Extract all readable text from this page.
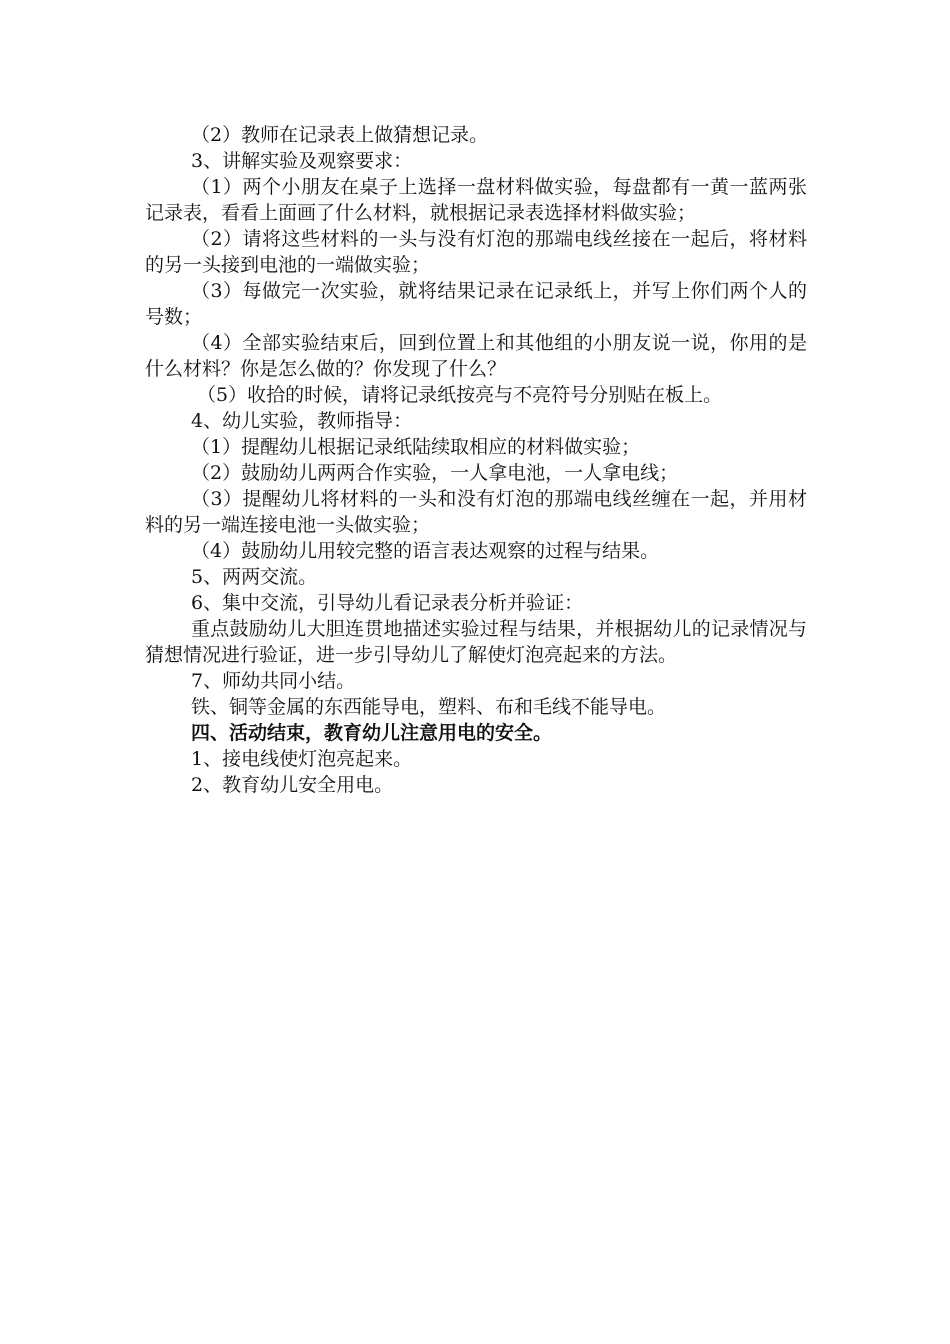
（2）教师在记录表上做猜想记录。

3、讲解实验及观察要求：

（1）两个小朋友在桌子上选择一盘材料做实验，每盘都有一黄一蓝两张记录表，看看上面画了什么材料，就根据记录表选择材料做实验；

（2）请将这些材料的一头与没有灯泡的那端电线丝接在一起后，将材料的另一头接到电池的一端做实验；

（3）每做完一次实验，就将结果记录在记录纸上，并写上你们两个人的号数；

（4）全部实验结束后，回到位置上和其他组的小朋友说一说，你用的是什么材料？你是怎么做的？你发现了什么？

（5）收拾的时候，请将记录纸按亮与不亮符号分别贴在板上。

4、幼儿实验，教师指导：

（1）提醒幼儿根据记录纸陆续取相应的材料做实验；

（2）鼓励幼儿两两合作实验，一人拿电池，一人拿电线；

（3）提醒幼儿将材料的一头和没有灯泡的那端电线丝缠在一起，并用材料的另一端连接电池一头做实验；

（4）鼓励幼儿用较完整的语言表达观察的过程与结果。

5、两两交流。

6、集中交流，引导幼儿看记录表分析并验证：

重点鼓励幼儿大胆连贯地描述实验过程与结果，并根据幼儿的记录情况与猜想情况进行验证，进一步引导幼儿了解使灯泡亮起来的方法。

7、师幼共同小结。

铁、铜等金属的东西能导电，塑料、布和毛线不能导电。

四、活动结束，教育幼儿注意用电的安全。

1、接电线使灯泡亮起来。

2、教育幼儿安全用电。
